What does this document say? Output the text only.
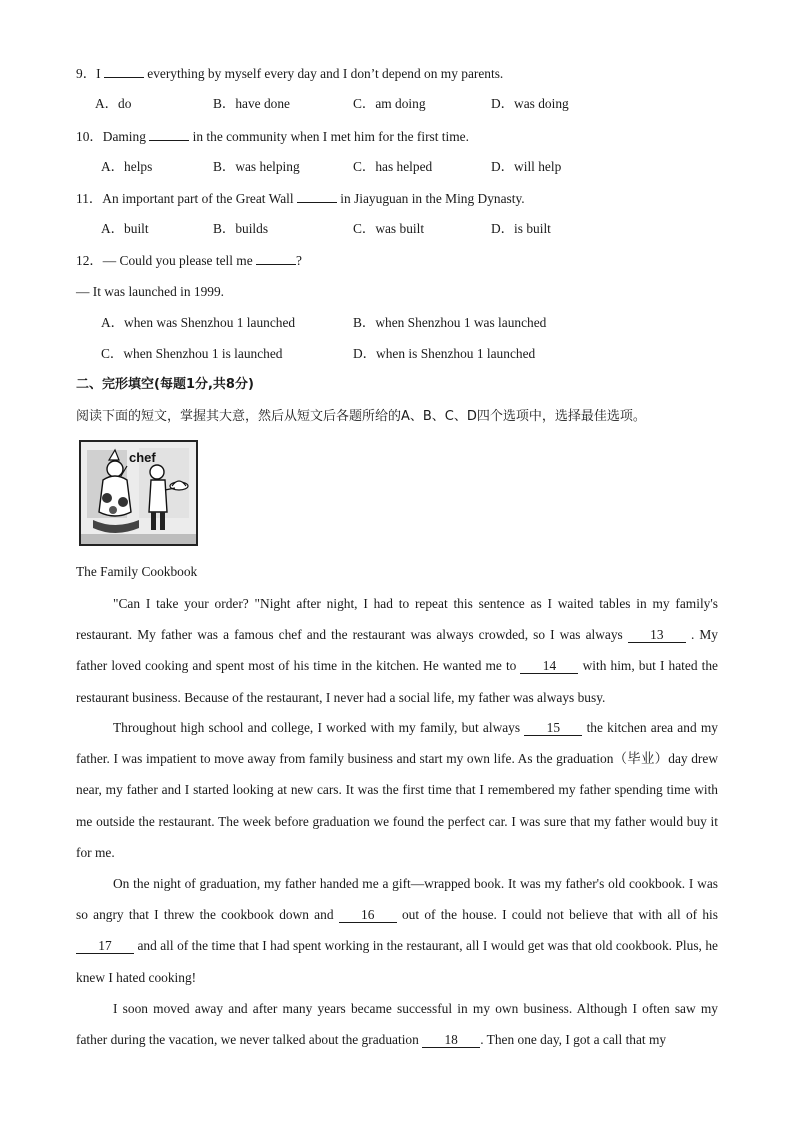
9．I	everything by myself every day and I don’t depend on my parents.
A．do	B．have done	C．am doing	D．was doing
10．Daming	in the community when I met him for the first time.
A．helps	B．was helping	C．has helped	D．will help
11．An important part of the Great Wall	in Jiayuguan in the Ming Dynasty.
A．built	B．builds	C．was built	D．is built
12．— Could you please tell me	?
— It was launched in 1999.
A．when was Shenzhou 1 launched	B．when Shenzhou 1 was launched
C．when Shenzhou 1 is launched	D．when is Shenzhou 1 launched
二、完形填空(每题1分,共8分)
阅读下面的短文，掌握其大意，然后从短文后各题所给的A、B、C、D四个选项中，选择最佳选项。
chef
The Family Cookbook
"Can I take your order? "Night after night, I had to repeat this sentence as I waited tables in my family's restaurant. My father was a famous chef and the restaurant was always crowded, so I was always 13 . My father loved cooking and spent most of his time in the kitchen. He wanted me to 14 with him, but I hated the restaurant business. Because of the restaurant, I never had a social life, my father was always busy.
Throughout high school and college, I worked with my family, but always 15 the kitchen area and my father. I was impatient to move away from family business and start my own life. As the graduation（毕业）day drew near, my father and I started looking at new cars. It was the first time that I remembered my father spending time with me outside the restaurant. The week before graduation we found the perfect car. I was sure that my father would buy it for me.
On the night of graduation, my father handed me a gift—wrapped book. It was my father's old cookbook. I was so angry that I threw the cookbook down and 16 out of the house. I could not believe that with all of his 17 and all of the time that I had spent working in the restaurant, all I would get was that old cookbook. Plus, he knew I hated cooking!
I soon moved away and after many years became successful in my own business. Although I often saw my father during the vacation, we never talked about the graduation 18 . Then one day, I got a call that my
